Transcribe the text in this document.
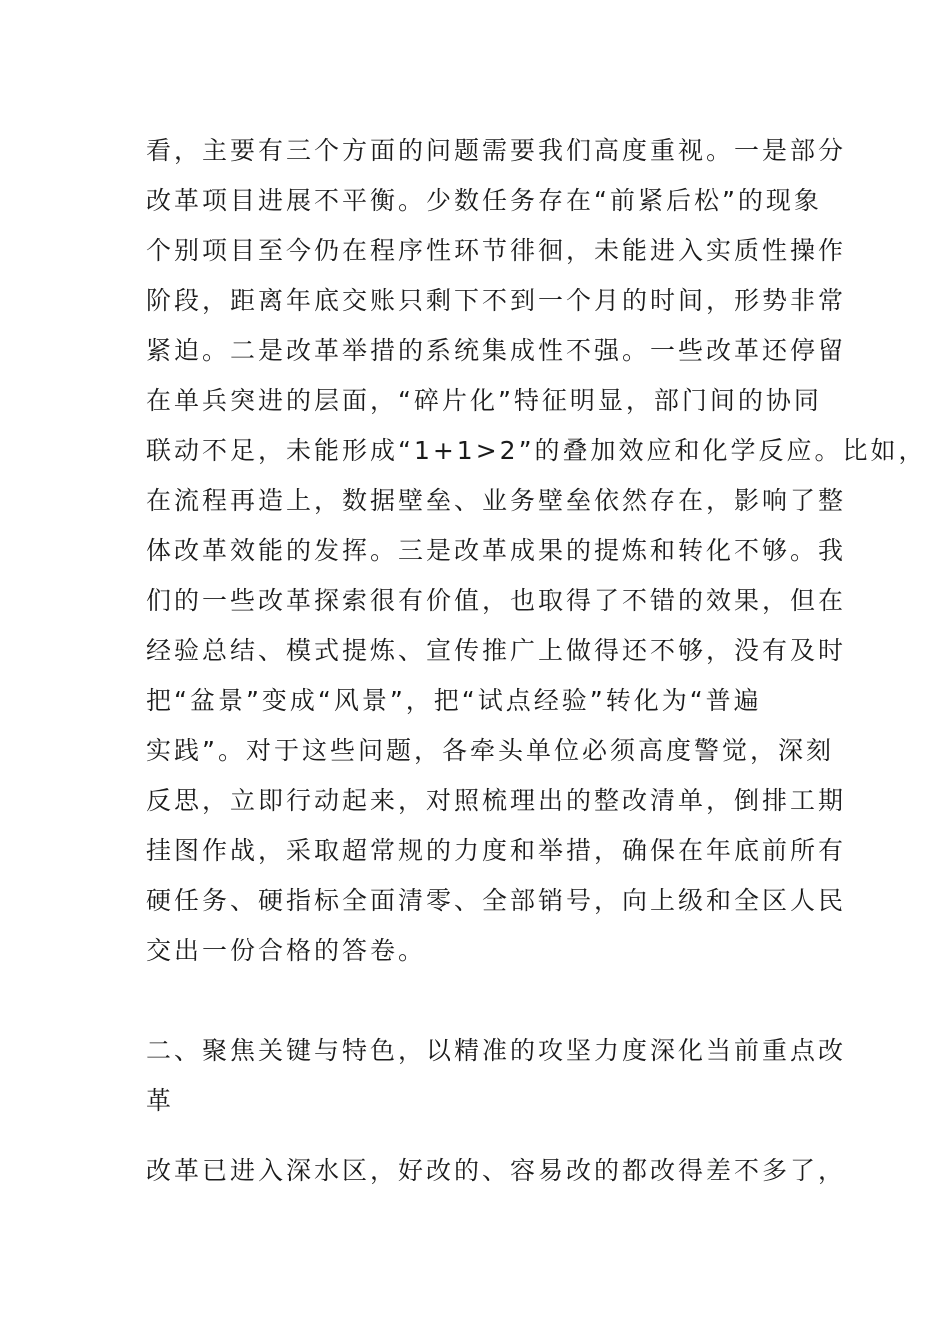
看，主要有三个方面的问题需要我们高度重视。一是部分
改革项目进展不平衡。少数任务存在“前紧后松”的现象
个别项目至今仍在程序性环节徘徊，未能进入实质性操作
阶段，距离年底交账只剩下不到一个月的时间，形势非常
紧迫。二是改革举措的系统集成性不强。一些改革还停留
在单兵突进的层面，“碎片化”特征明显，部门间的协同
联动不足，未能形成“1+1>2”的叠加效应和化学反应。比如，
在流程再造上，数据壁垒、业务壁垒依然存在，影响了整
体改革效能的发挥。三是改革成果的提炼和转化不够。我
们的一些改革探索很有价值，也取得了不错的效果，但在
经验总结、模式提炼、宣传推广上做得还不够，没有及时
把“盆景”变成“风景”，把“试点经验”转化为“普遍
实践”。对于这些问题，各牵头单位必须高度警觉，深刻
反思，立即行动起来，对照梳理出的整改清单，倒排工期
挂图作战，采取超常规的力度和举措，确保在年底前所有
硬任务、硬指标全面清零、全部销号，向上级和全区人民
交出一份合格的答卷。
二、聚焦关键与特色，以精准的攻坚力度深化当前重点改
革
改革已进入深水区，好改的、容易改的都改得差不多了，
